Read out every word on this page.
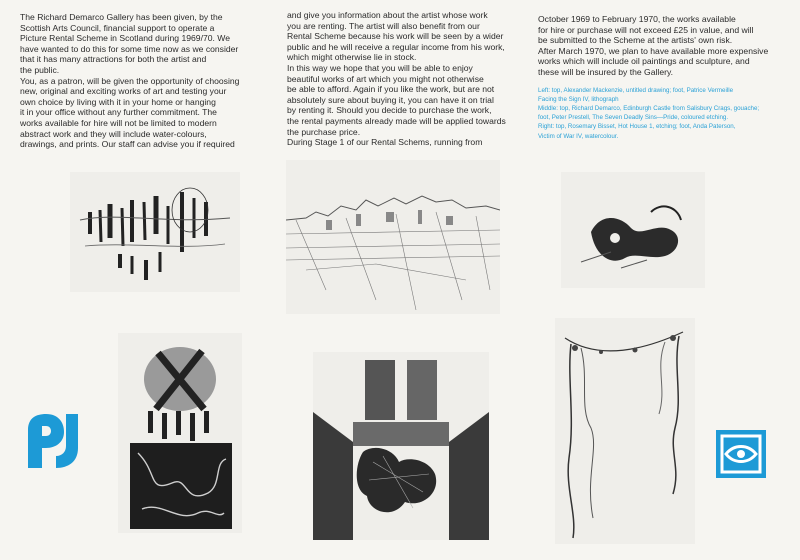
The Richard Demarco Gallery has been given, by the

Scottish Arts Council, financial support to operate a

Picture Rental Scheme in Scotland during 1969/70. We

have wanted to do this for some time now as we consider

that it has many attractions for both the artist and

the public.

You, as a patron, will be given the opportunity of choosing

new, original and exciting works of art and testing your

own choice by living with it in your home or hanging

it in your office without any further commitment. The

works available for hire will not be limited to modern

abstract work and they will include water-colours,

drawings, and prints. Our staff can advise you if required

and give you information about the artist whose work

you are renting. The artist will also benefit from our

Rental Scheme because his work will be seen by a wider

public and he will receive a regular income from his work,

which might otherwise lie in stock.

In this way we hope that you will be able to enjoy

beautiful works of art which you might not otherwise

be able to afford. Again if you like the work, but are not

absolutely sure about buying it, you can have it on trial

by renting it. Should you decide to purchase the work,

the rental payments already made will be applied towards

the purchase price.

During Stage 1 of our Rental Schems, running from

October 1969 to February 1970, the works available

for hire or purchase will not exceed £25 in value, and will

be submitted to the Scheme at the artists' own risk.

After March 1970, we plan to have available more expensive

works which will include oil paintings and sculpture, and

these will be insured by the Gallery.

Left: top, Alexander Mackenzie, untitled drawing; foot, Patrice Vermeille

Facing the Sign IV, lithograph

Middle: top, Richard Demarco, Edinburgh Castle from Salisbury Crags, gouache;

foot, Peter Prestell, The Seven Deadly Sins—Pride, coloured etching.

Right: top, Rosemary Bisset, Hot House 1, etching; foot, Anda Paterson,

Victim of War IV, watercolour.
